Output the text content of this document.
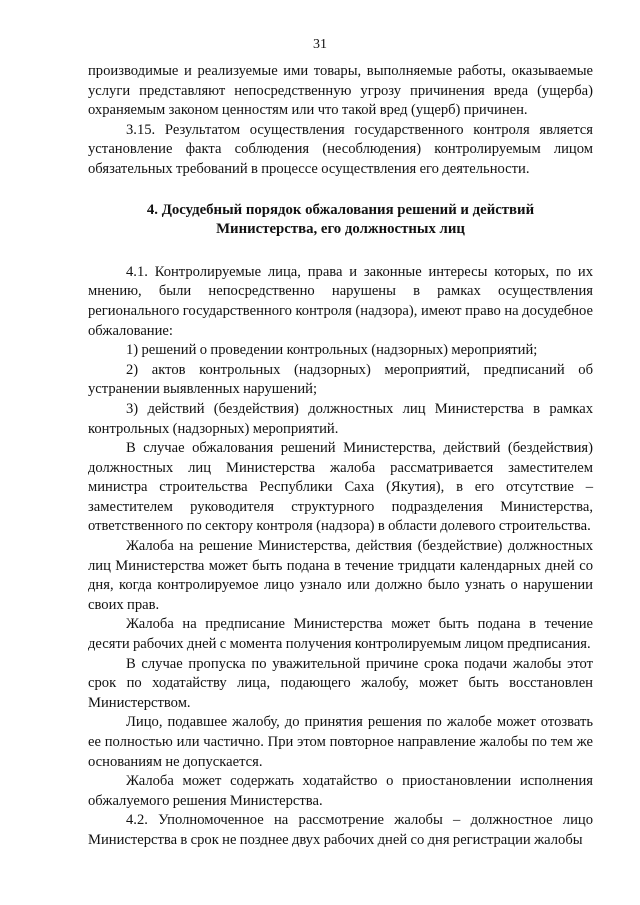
31

производимые и реализуемые ими товары, выполняемые работы, оказываемые услуги представляют непосредственную угрозу причинения вреда (ущерба) охраняемым законом ценностям или что такой вред (ущерб) причинен.

3.15. Результатом осуществления государственного контроля является установление факта соблюдения (несоблюдения) контролируемым лицом обязательных требований в процессе осуществления его деятельности.

4. Досудебный порядок обжалования решений и действий
Министерства, его должностных лиц

4.1. Контролируемые лица, права и законные интересы которых, по их мнению, были непосредственно нарушены в рамках осуществления регионального государственного контроля (надзора), имеют право на досудебное обжалование:

1) решений о проведении контрольных (надзорных) мероприятий;

2) актов контрольных (надзорных) мероприятий, предписаний об устранении выявленных нарушений;

3) действий (бездействия) должностных лиц Министерства в рамках контрольных (надзорных) мероприятий.

В случае обжалования решений Министерства, действий (бездействия) должностных лиц Министерства жалоба рассматривается заместителем министра строительства Республики Саха (Якутия), в его отсутствие – заместителем руководителя структурного подразделения Министерства, ответственного по сектору контроля (надзора) в области долевого строительства.

Жалоба на решение Министерства, действия (бездействие) должностных лиц Министерства может быть подана в течение тридцати календарных дней со дня, когда контролируемое лицо узнало или должно было узнать о нарушении своих прав.

Жалоба на предписание Министерства может быть подана в течение десяти рабочих дней с момента получения контролируемым лицом предписания.

В случае пропуска по уважительной причине срока подачи жалобы этот срок по ходатайству лица, подающего жалобу, может быть восстановлен Министерством.

Лицо, подавшее жалобу, до принятия решения по жалобе может отозвать ее полностью или частично. При этом повторное направление жалобы по тем же основаниям не допускается.

Жалоба может содержать ходатайство о приостановлении исполнения обжалуемого решения Министерства.

4.2. Уполномоченное на рассмотрение жалобы – должностное лицо Министерства в срок не позднее двух рабочих дней со дня регистрации жалобы
